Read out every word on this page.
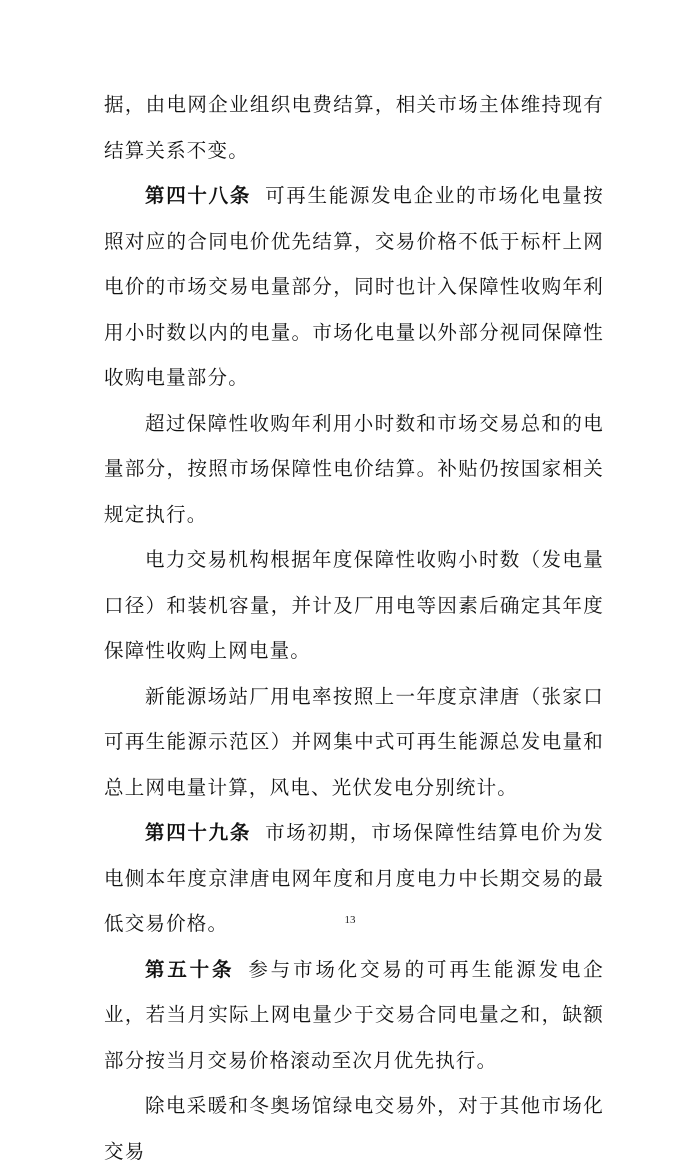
据，由电网企业组织电费结算，相关市场主体维持现有结算关系不变。

第四十八条 可再生能源发电企业的市场化电量按照对应的合同电价优先结算，交易价格不低于标杆上网电价的市场交易电量部分，同时也计入保障性收购年利用小时数以内的电量。市场化电量以外部分视同保障性收购电量部分。

超过保障性收购年利用小时数和市场交易总和的电量部分，按照市场保障性电价结算。补贴仍按国家相关规定执行。

电力交易机构根据年度保障性收购小时数（发电量口径）和装机容量，并计及厂用电等因素后确定其年度保障性收购上网电量。

新能源场站厂用电率按照上一年度京津唐（张家口可再生能源示范区）并网集中式可再生能源总发电量和总上网电量计算，风电、光伏发电分别统计。

第四十九条 市场初期，市场保障性结算电价为发电侧本年度京津唐电网年度和月度电力中长期交易的最低交易价格。

第五十条 参与市场化交易的可再生能源发电企业，若当月实际上网电量少于交易合同电量之和，缺额部分按当月交易价格滚动至次月优先执行。

除电采暖和冬奥场馆绿电交易外，对于其他市场化交易

13
